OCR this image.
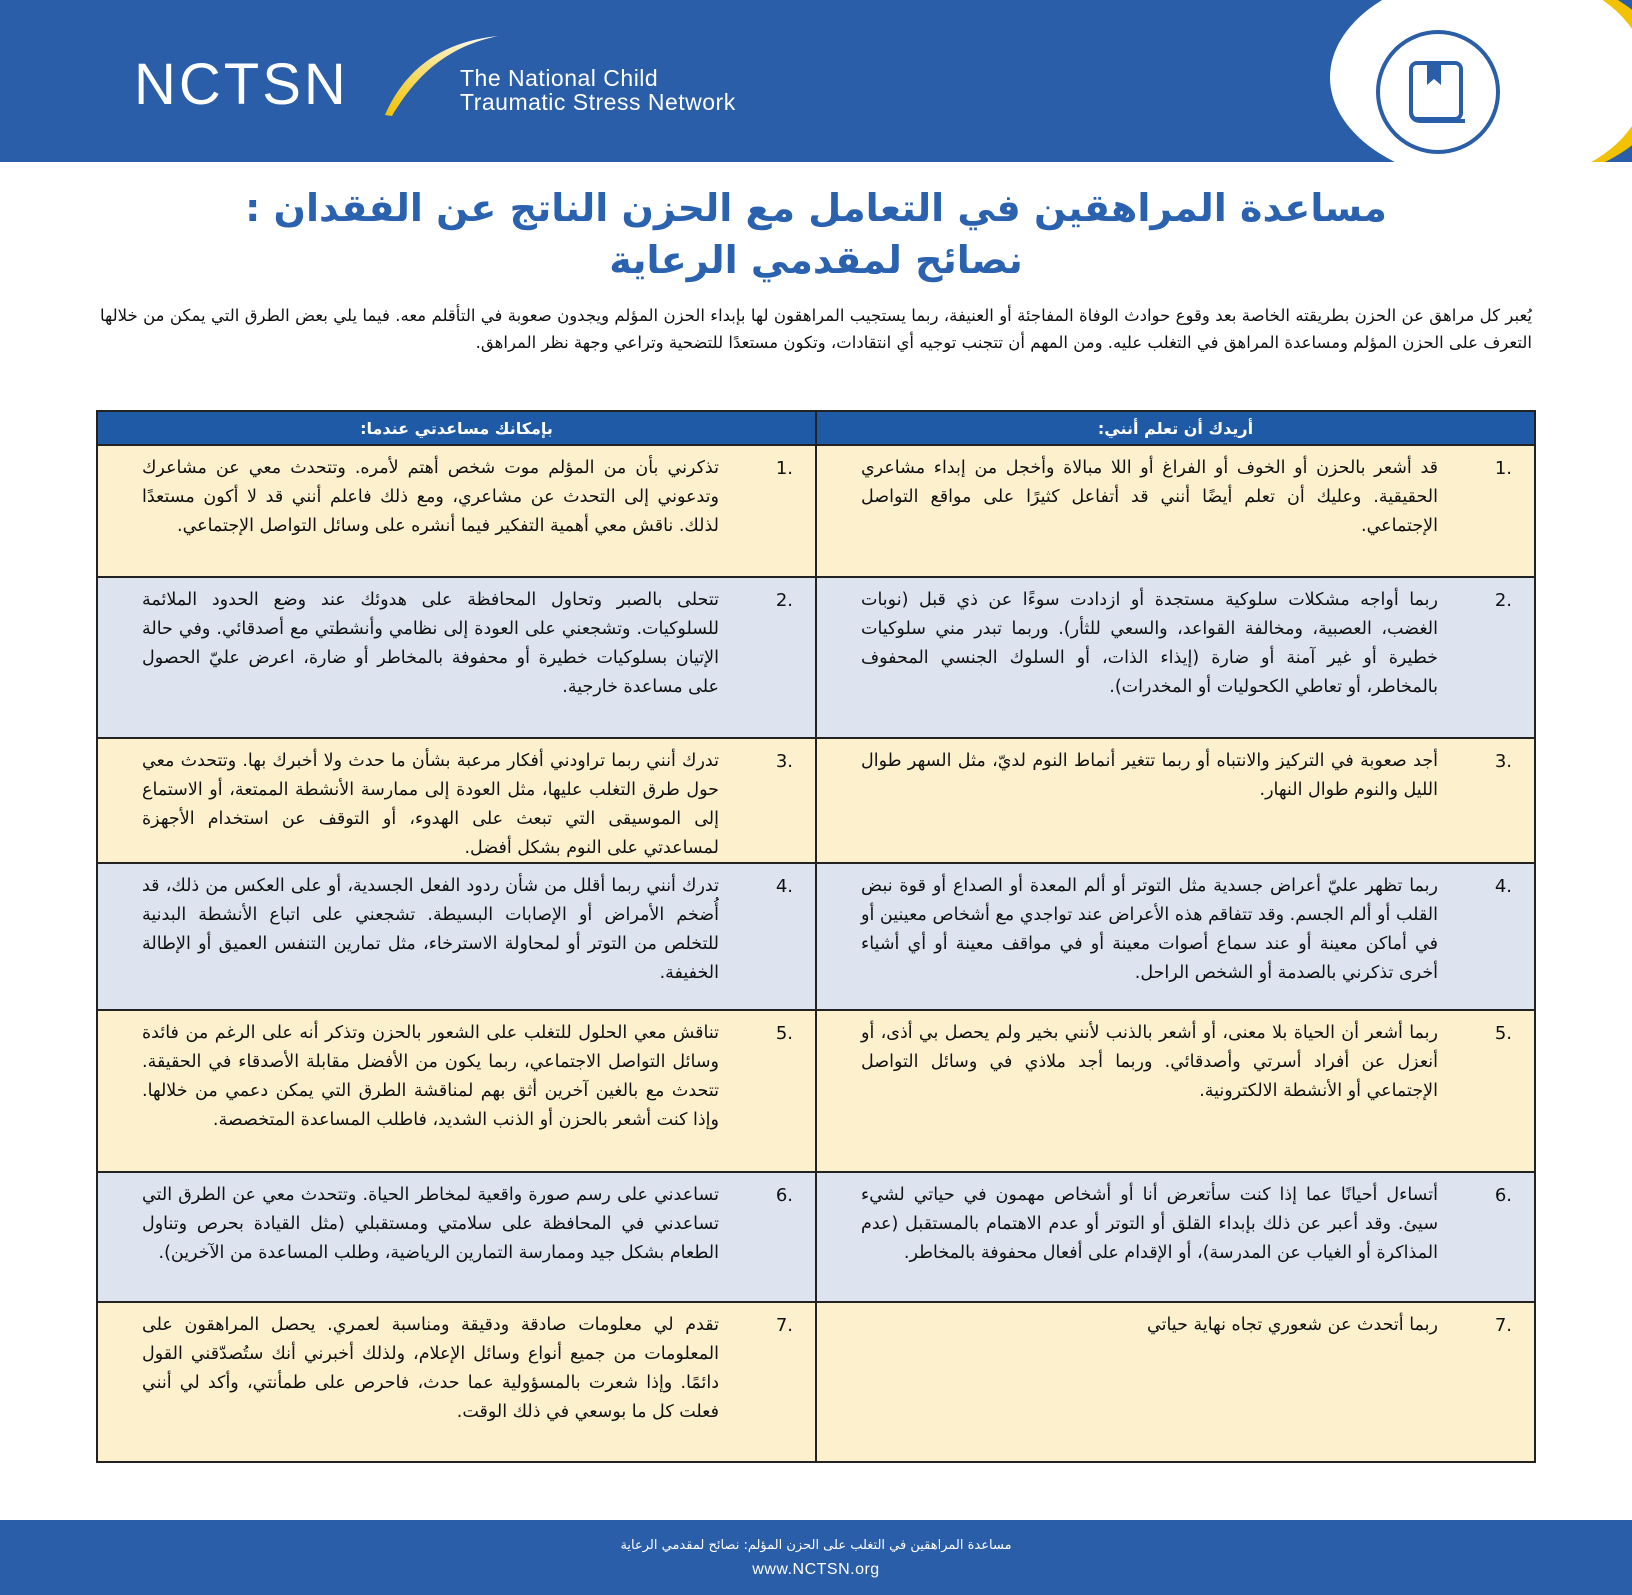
NCTSN	The National Child
Traumatic Stress Network
مساعدة المراهقين في التعامل مع الحزن الناتج عن الفقدان :
نصائح لمقدمي الرعاية
يُعبر كل مراهق عن الحزن بطريقته الخاصة بعد وقوع حوادث الوفاة المفاجئة أو العنيفة، ربما يستجيب المراهقون لها بإبداء الحزن المؤلم ويجدون صعوبة في التأقلم معه. فيما يلي بعض الطرق التي يمكن من خلالها التعرف على الحزن المؤلم ومساعدة المراهق في التغلب عليه. ومن المهم أن تتجنب توجيه أي انتقادات، وتكون مستعدًا للتضحية وتراعي وجهة نظر المراهق.
بإمكانك مساعدتي عندما:	أريدك أن تعلم أنني:
1.
تذكرني بأن من المؤلم موت شخص أهتم لأمره. وتتحدث معي عن مشاعرك وتدعوني إلى التحدث عن مشاعري، ومع ذلك فاعلم أنني قد لا أكون مستعدًا لذلك. ناقش معي أهمية التفكير فيما أنشره على وسائل التواصل الإجتماعي.
1.
قد أشعر بالحزن أو الخوف أو الفراغ أو اللا مبالاة وأخجل من إبداء مشاعري الحقيقية. وعليك أن تعلم أيضًا أنني قد أتفاعل كثيرًا على مواقع التواصل الإجتماعي.
2.
تتحلى بالصبر وتحاول المحافظة على هدوئك عند وضع الحدود الملائمة للسلوكيات. وتشجعني على العودة إلى نظامي وأنشطتي مع أصدقائي. وفي حالة الإتيان بسلوكيات خطيرة أو محفوفة بالمخاطر أو ضارة، اعرض عليّ الحصول على مساعدة خارجية.
2.
ربما أواجه مشكلات سلوكية مستجدة أو ازدادت سوءًا عن ذي قبل (نوبات الغضب، العصبية، ومخالفة القواعد، والسعي للثأر). وربما تبدر مني سلوكيات خطيرة أو غير آمنة أو ضارة (إيذاء الذات، أو السلوك الجنسي المحفوف بالمخاطر، أو تعاطي الكحوليات أو المخدرات).
3.
تدرك أنني ربما تراودني أفكار مرعبة بشأن ما حدث ولا أخبرك بها. وتتحدث معي حول طرق التغلب عليها، مثل العودة إلى ممارسة الأنشطة الممتعة، أو الاستماع إلى الموسيقى التي تبعث على الهدوء، أو التوقف عن استخدام الأجهزة لمساعدتي على النوم بشكل أفضل.
3.
أجد صعوبة في التركيز والانتباه أو ربما تتغير أنماط النوم لديّ، مثل السهر طوال الليل والنوم طوال النهار.
4.
تدرك أنني ربما أقلل من شأن ردود الفعل الجسدية، أو على العكس من ذلك، قد أُضخم الأمراض أو الإصابات البسيطة. تشجعني على اتباع الأنشطة البدنية للتخلص من التوتر أو لمحاولة الاسترخاء، مثل تمارين التنفس العميق أو الإطالة الخفيفة.
4.
ربما تظهر عليّ أعراض جسدية مثل التوتر أو ألم المعدة أو الصداع أو قوة نبض القلب أو ألم الجسم. وقد تتفاقم هذه الأعراض عند تواجدي مع أشخاص معينين أو في أماكن معينة أو عند سماع أصوات معينة أو في مواقف معينة أو أي أشياء أخرى تذكرني بالصدمة أو الشخص الراحل.
5.
تناقش معي الحلول للتغلب على الشعور بالحزن وتذكر أنه على الرغم من فائدة وسائل التواصل الاجتماعي، ربما يكون من الأفضل مقابلة الأصدقاء في الحقيقة. تتحدث مع بالغين آخرين أثق بهم لمناقشة الطرق التي يمكن دعمي من خلالها. وإذا كنت أشعر بالحزن أو الذنب الشديد، فاطلب المساعدة المتخصصة.
5.
ربما أشعر أن الحياة بلا معنى، أو أشعر بالذنب لأنني بخير ولم يحصل بي أذى، أو أنعزل عن أفراد أسرتي وأصدقائي. وربما أجد ملاذي في وسائل التواصل الإجتماعي أو الأنشطة الالكترونية.
6.
تساعدني على رسم صورة واقعية لمخاطر الحياة. وتتحدث معي عن الطرق التي تساعدني في المحافظة على سلامتي ومستقبلي (مثل القيادة بحرص وتناول الطعام بشكل جيد وممارسة التمارين الرياضية، وطلب المساعدة من الآخرين).
6.
أتساءل أحيانًا عما إذا كنت سأتعرض أنا أو أشخاص مهمون في حياتي لشيء سيئ. وقد أعبر عن ذلك بإبداء القلق أو التوتر أو عدم الاهتمام بالمستقبل (عدم المذاكرة أو الغياب عن المدرسة)، أو الإقدام على أفعال محفوفة بالمخاطر.
7.
تقدم لي معلومات صادقة ودقيقة ومناسبة لعمري. يحصل المراهقون على المعلومات من جميع أنواع وسائل الإعلام، ولذلك أخبرني أنك ستُصدّقني القول دائمًا. وإذا شعرت بالمسؤولية عما حدث، فاحرص على طمأنتي، وأكد لي أنني فعلت كل ما بوسعي في ذلك الوقت.
7.
ربما أتحدث عن شعوري تجاه نهاية حياتي
مساعدة المراهقين في التغلب على الحزن المؤلم: نصائح لمقدمي الرعاية
www.NCTSN.org
